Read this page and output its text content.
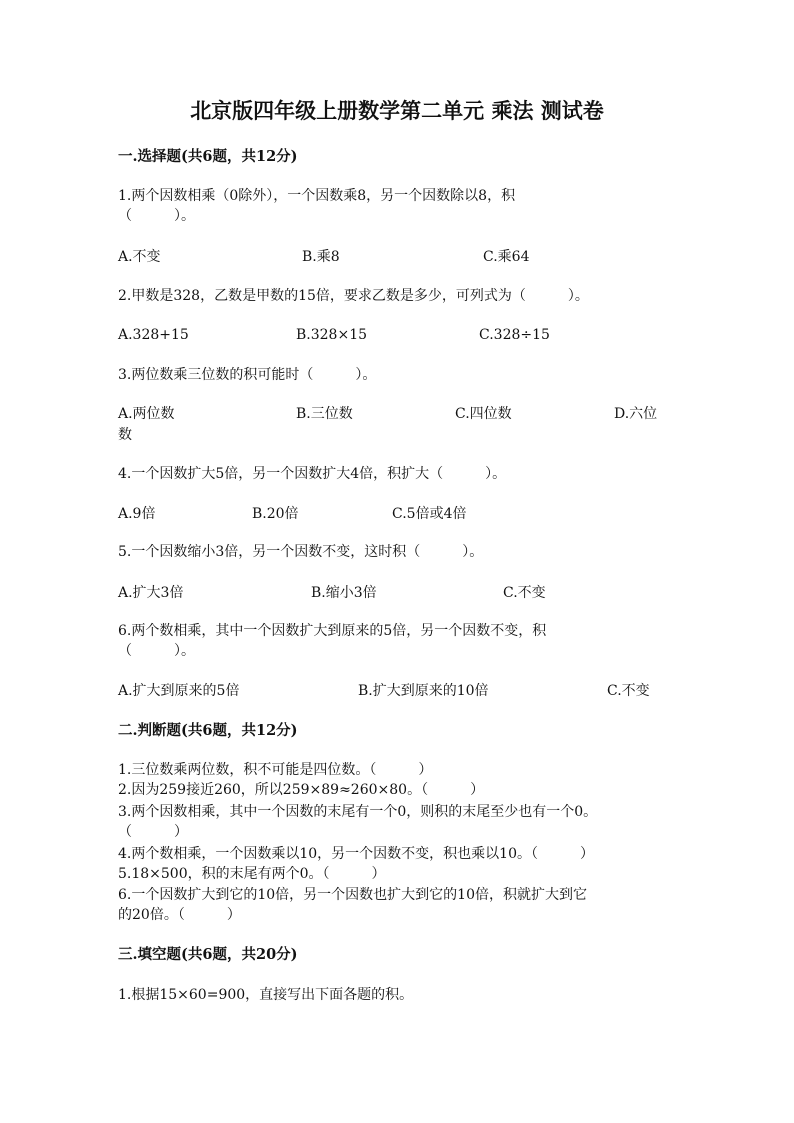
北京版四年级上册数学第二单元 乘法 测试卷
一.选择题(共6题，共12分)
1.两个因数相乘（0除外），一个因数乘8，另一个因数除以8，积
（　　　）。
A.不变	B.乘8	C.乘64
2.甲数是328，乙数是甲数的15倍，要求乙数是多少，可列式为（　　　）。
A.328+15	B.328×15	C.328÷15
3.两位数乘三位数的积可能时（　　　）。
A.两位数	B.三位数	C.四位数	D.六位
数
4.一个因数扩大5倍，另一个因数扩大4倍，积扩大（　　　）。
A.9倍	B.20倍	C.5倍或4倍
5.一个因数缩小3倍，另一个因数不变，这时积（　　　）。
A.扩大3倍	B.缩小3倍	C.不变
6.两个数相乘，其中一个因数扩大到原来的5倍，另一个因数不变，积
（　　　）。
A.扩大到原来的5倍	B.扩大到原来的10倍	C.不变
二.判断题(共6题，共12分)
1.三位数乘两位数，积不可能是四位数。（　　　）
2.因为259接近260，所以259×89≈260×80。（　　　）
3.两个因数相乘，其中一个因数的末尾有一个0，则积的末尾至少也有一个0。
（　　　）
4.两个数相乘，一个因数乘以10，另一个因数不变，积也乘以10。（　　　）
5.18×500，积的末尾有两个0。（　　　）
6.一个因数扩大到它的10倍，另一个因数也扩大到它的10倍，积就扩大到它
的20倍。（　　　）
三.填空题(共6题，共20分)
1.根据15×60=900，直接写出下面各题的积。
